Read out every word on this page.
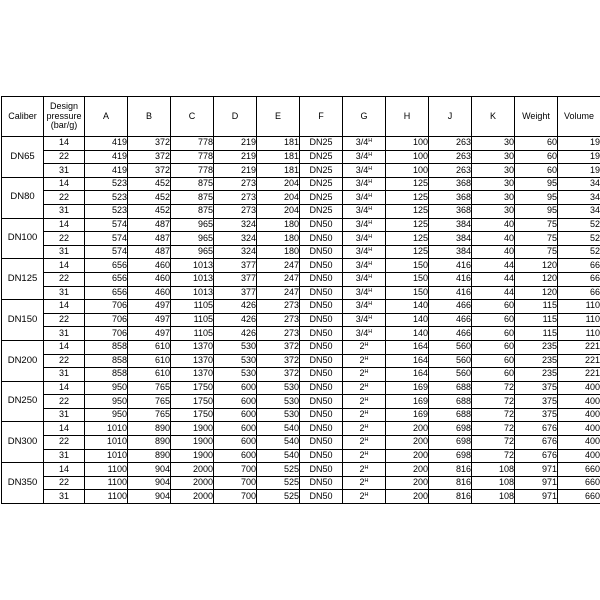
Caliber	Design pressure (bar/g)	A	B	C	D	E	F	G	H	J	K	Weight	Volume
DN65	14	419	372	778	219	181	DN25	$3/4^H$	100	263	30	60	19
	22	419	372	778	219	181	DN25	$3/4^H$	100	263	30	60	19
	31	419	372	778	219	181	DN25	$3/4^H$	100	263	30	60	19
DN80	14	523	452	875	273	204	DN25	$3/4^H$	125	368	30	95	34
	22	523	452	875	273	204	DN25	$3/4^H$	125	368	30	95	34
	31	523	452	875	273	204	DN25	$3/4^H$	125	368	30	95	34
DN100	14	574	487	965	324	180	DN50	$3/4^H$	125	384	40	75	52
	22	574	487	965	324	180	DN50	$3/4^H$	125	384	40	75	52
	31	574	487	965	324	180	DN50	$3/4^H$	125	384	40	75	52
DN125	14	656	460	1013	377	247	DN50	$3/4^H$	150	416	44	120	66
	22	656	460	1013	377	247	DN50	$3/4^H$	150	416	44	120	66
	31	656	460	1013	377	247	DN50	$3/4^H$	150	416	44	120	66
DN150	14	706	497	1105	426	273	DN50	$3/4^H$	140	466	60	115	110
	22	706	497	1105	426	273	DN50	$3/4^H$	140	466	60	115	110
	31	706	497	1105	426	273	DN50	$3/4^H$	140	466	60	115	110
DN200	14	858	610	1370	530	372	DN50	$2^H$	164	560	60	235	221
	22	858	610	1370	530	372	DN50	$2^H$	164	560	60	235	221
	31	858	610	1370	530	372	DN50	$2^H$	164	560	60	235	221
DN250	14	950	765	1750	600	530	DN50	$2^H$	169	688	72	375	400
	22	950	765	1750	600	530	DN50	$2^H$	169	688	72	375	400
	31	950	765	1750	600	530	DN50	$2^H$	169	688	72	375	400
DN300	14	1010	890	1900	600	540	DN50	$2^H$	200	698	72	676	400
	22	1010	890	1900	600	540	DN50	$2^H$	200	698	72	676	400
	31	1010	890	1900	600	540	DN50	$2^H$	200	698	72	676	400
DN350	14	1100	904	2000	700	525	DN50	$2^H$	200	816	108	971	660
	22	1100	904	2000	700	525	DN50	$2^H$	200	816	108	971	660
	31	1100	904	2000	700	525	DN50	$2^H$	200	816	108	971	660
